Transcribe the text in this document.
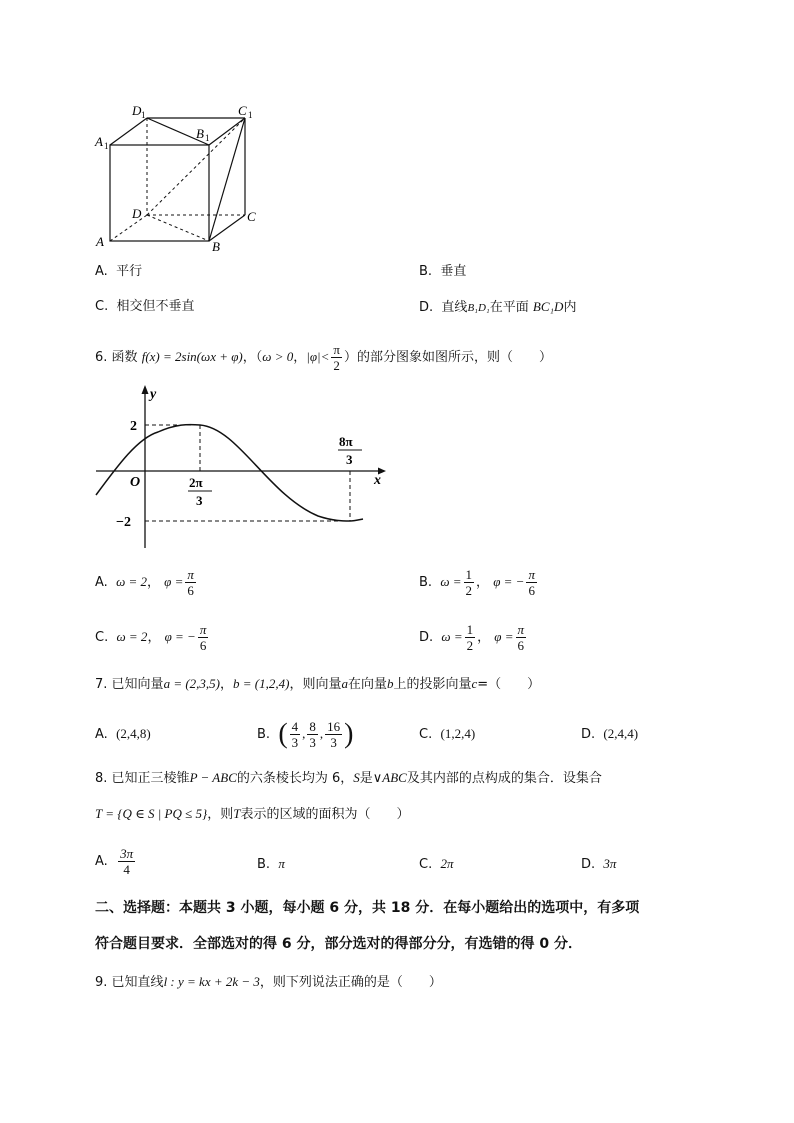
D 1	C 1
A 1
B 1
D	C
A	B
A. 平行	B. 垂直
C. 相交但不垂直	D. 直线B₁D₁在平面 BC₁D内
6. 函数 f(x) = 2sin(ωx + φ)，（ω > 0，$|\varphi|< \frac{\pi}{2}$ ）的部分图象如图所示，则（　　）
y
x
O
2
−2
2π
3
8π
3
A. ω = 2， $\varphi = \frac{\pi}{6}$	B. $\omega = \frac{1}{2}$ ， φ = − $\frac{\pi}{6}$
C. ω = 2， φ = − $\frac{\pi}{6}$	D. $\omega = \frac{1}{2}$ ， $\varphi = \frac{\pi}{6}$
7. 已知向量a = (2,3,5)，b = (1,2,4)，则向量a在向量b上的投影向量c=（　　）
A. (2,4,8)	B. ( $\frac{4}{3}$ , $\frac{8}{3}$ , $\frac{16}{3}$ )	C. (1,2,4)	D. (2,4,4)
8. 已知正三棱锥P − ABC的六条棱长均为 6，S是∨ABC及其内部的点构成的集合．设集合
T = {Q ∈ S | PQ ≤ 5}，则T表示的区域的面积为（　　）
A. $\frac{3\pi}{4}$	B. π	C. 2π	D. 3π
二、选择题：本题共 3 小题，每小题 6 分，共 18 分．在每小题给出的选项中，有多项
符合题目要求．全部选对的得 6 分，部分选对的得部分分，有选错的得 0 分．
9. 已知直线l : y = kx + 2k − 3，则下列说法正确的是（　　）
